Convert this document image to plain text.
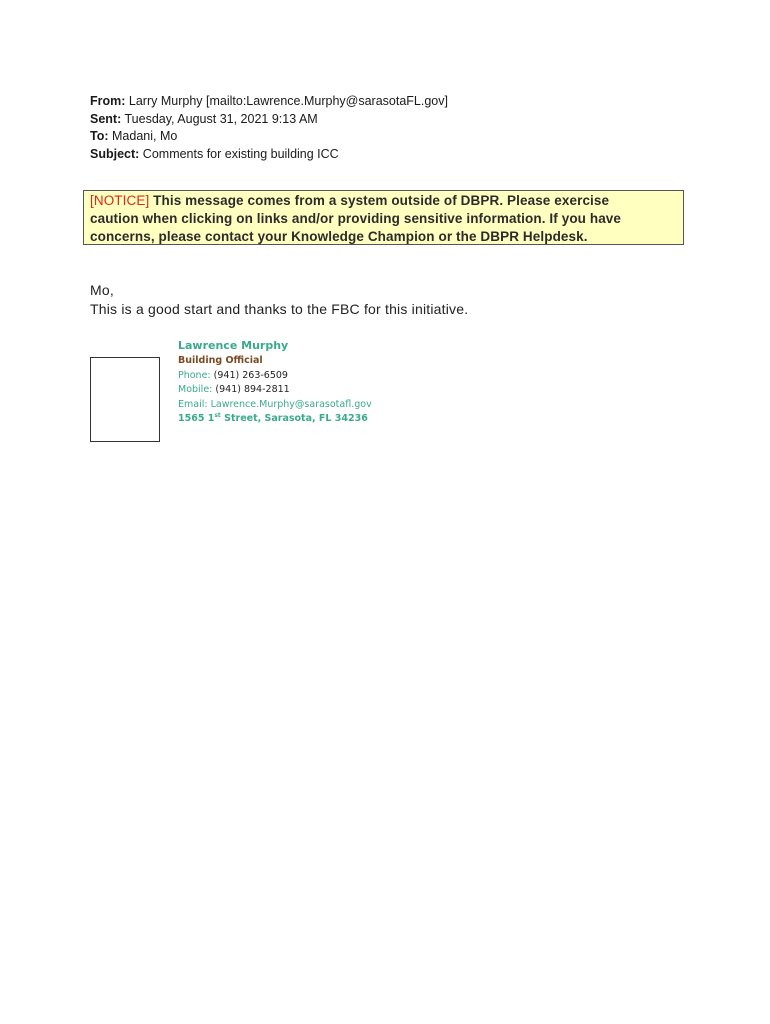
From: Larry Murphy [mailto:Lawrence.Murphy@sarasotaFL.gov]
Sent: Tuesday, August 31, 2021 9:13 AM
To: Madani, Mo
Subject: Comments for existing building ICC
[NOTICE] This message comes from a system outside of DBPR. Please exercise
caution when clicking on links and/or providing sensitive information. If you have
concerns, please contact your Knowledge Champion or the DBPR Helpdesk.
Mo,
This is a good start and thanks to the FBC for this initiative.
Lawrence Murphy
Building Official
Phone: (941) 263-6509
Mobile: (941) 894-2811
Email: Lawrence.Murphy@sarasotafl.gov
1565 1st Street, Sarasota, FL 34236
